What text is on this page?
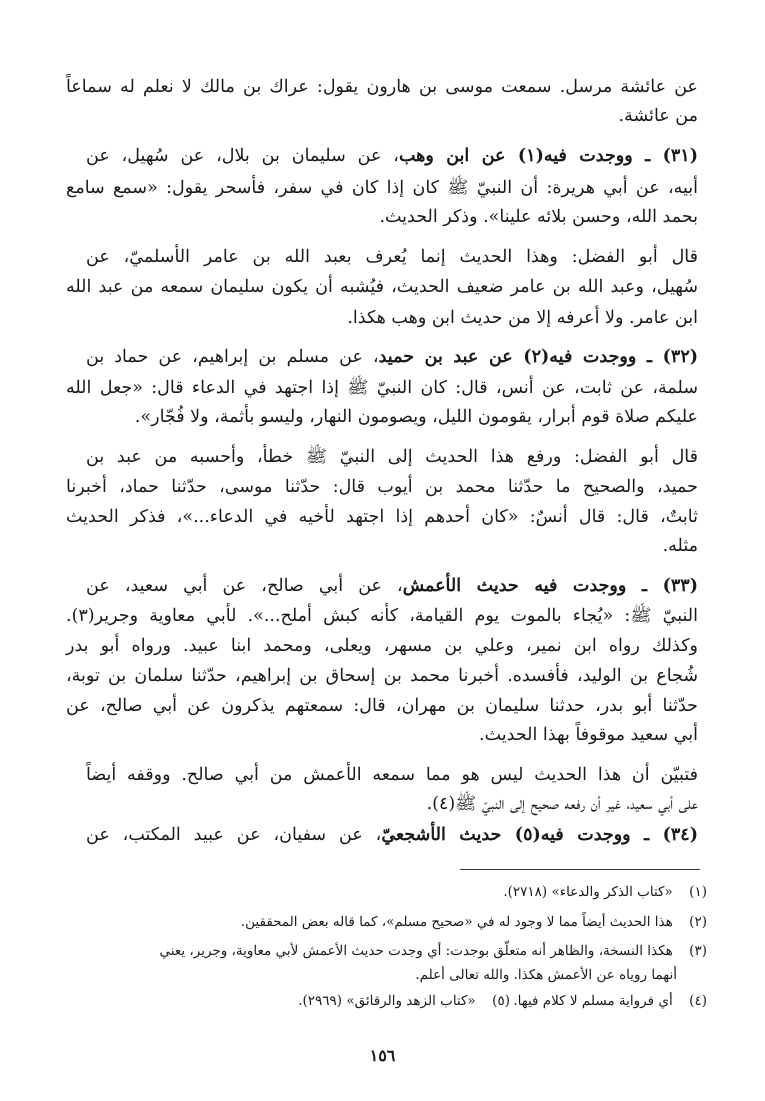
عن عائشة مرسل. سمعت موسى بن هارون يقول: عراك بن مالك لا نعلم له سماعاً
من عائشة.
(٣١) ـ ووجدت فيه(١) عن ابن وهب، عن سليمان بن بلال، عن سُهيل، عن
أبيه، عن أبي هريرة: أن النبيّ ﷺ كان إذا كان في سفر، فأسحر يقول: «سمع سامع
بحمد الله، وحسن بلائه علينا». وذكر الحديث.
قال أبو الفضل: وهذا الحديث إنما يُعرف بعبد الله بن عامر الأسلميّ، عن
سُهيل، وعبد الله بن عامر ضعيف الحديث، فيُشبه أن يكون سليمان سمعه من عبد الله
ابن عامر. ولا أعرفه إلا من حديث ابن وهب هكذا.
(٣٢) ـ ووجدت فيه(٢) عن عبد بن حميد، عن مسلم بن إبراهيم، عن حماد بن
سلمة، عن ثابت، عن أنس، قال: كان النبيّ ﷺ إذا اجتهد في الدعاء قال: «جعل الله
عليكم صلاة قوم أبرار، يقومون الليل، ويصومون النهار، وليسو بأثمة، ولا فُجّار».
قال أبو الفضل: ورفع هذا الحديث إلى النبيّ ﷺ خطأ، وأحسبه من عبد بن
حميد، والصحيح ما حدّثنا محمد بن أيوب قال: حدّثنا موسى، حدّثنا حماد، أخبرنا
ثابتٌ، قال: قال أنسٌ: «كان أحدهم إذا اجتهد لأخيه في الدعاء...»، فذكر الحديث
مثله.
(٣٣) ـ ووجدت فيه حديث الأعمش، عن أبي صالح، عن أبي سعيد، عن
النبيّ ﷺ: «يُجاء بالموت يوم القيامة، كأنه كبش أملح...». لأبي معاوية وجرير(٣).
وكذلك رواه ابن نمير، وعلي بن مسهر، ويعلى، ومحمد ابنا عبيد. ورواه أبو بدر
شُجاع بن الوليد، فأفسده. أخبرنا محمد بن إسحاق بن إبراهيم، حدّثنا سلمان بن توبة،
حدّثنا أبو بدر، حدثنا سليمان بن مهران، قال: سمعتهم يذكرون عن أبي صالح، عن
أبي سعيد موقوفاً بهذا الحديث.
فتبيّن أن هذا الحديث ليس هو مما سمعه الأعمش من أبي صالح. ووقفه أيضاً
على أبي سعيد، غير أن رفعه صحيح إلى النبيّ ﷺ(٤).
(٣٤) ـ ووجدت فيه(٥) حديث الأشجعيّ، عن سفيان، عن عبيد المكتب، عن
(١) «كتاب الذكر والدعاء» (٢٧١٨).
(٢) هذا الحديث أيضاً مما لا وجود له في «صحيح مسلم»، كما قاله بعض المحققين.
(٣) هكذا النسخة، والظاهر أنه متعلّق بوجدت: أي وجدت حديث الأعمش لأبي معاوية، وجرير، يعني
أنهما روياه عن الأعمش هكذا. والله تعالى أعلم.
(٤) أي فرواية مسلم لا كلام فيها.
(٥) «كتاب الزهد والرقائق» (٢٩٦٩).
١٥٦
